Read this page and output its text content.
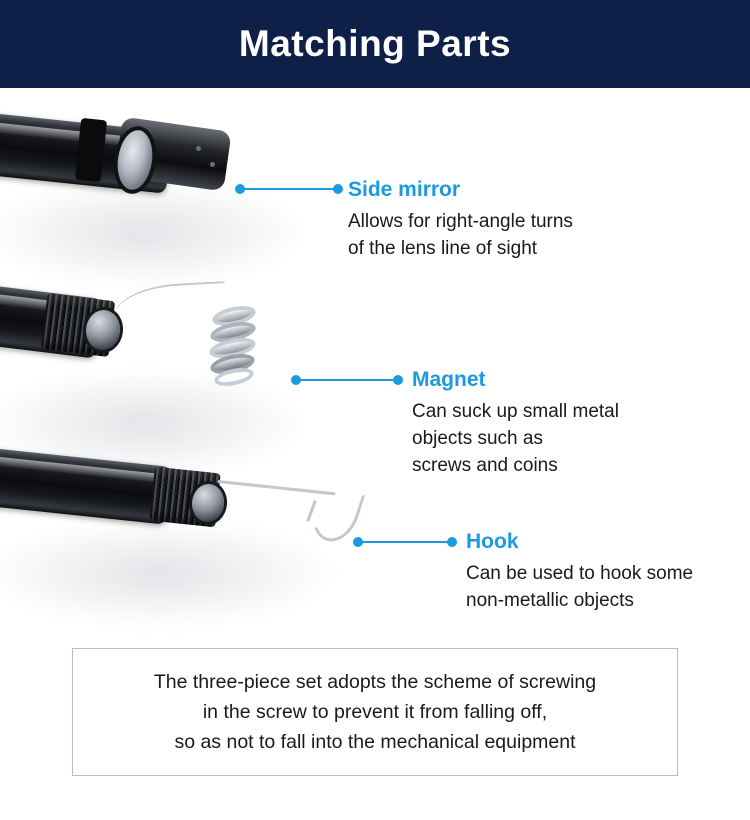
Matching Parts
Side mirror
Allows for right-angle turns
of the lens line of sight
Magnet
Can suck up small metal
objects such as
screws and coins
Hook
Can be used to hook some
non-metallic objects
The three-piece set adopts the scheme of screwing
in the screw to prevent it from falling off,
so as not to fall into the mechanical equipment
